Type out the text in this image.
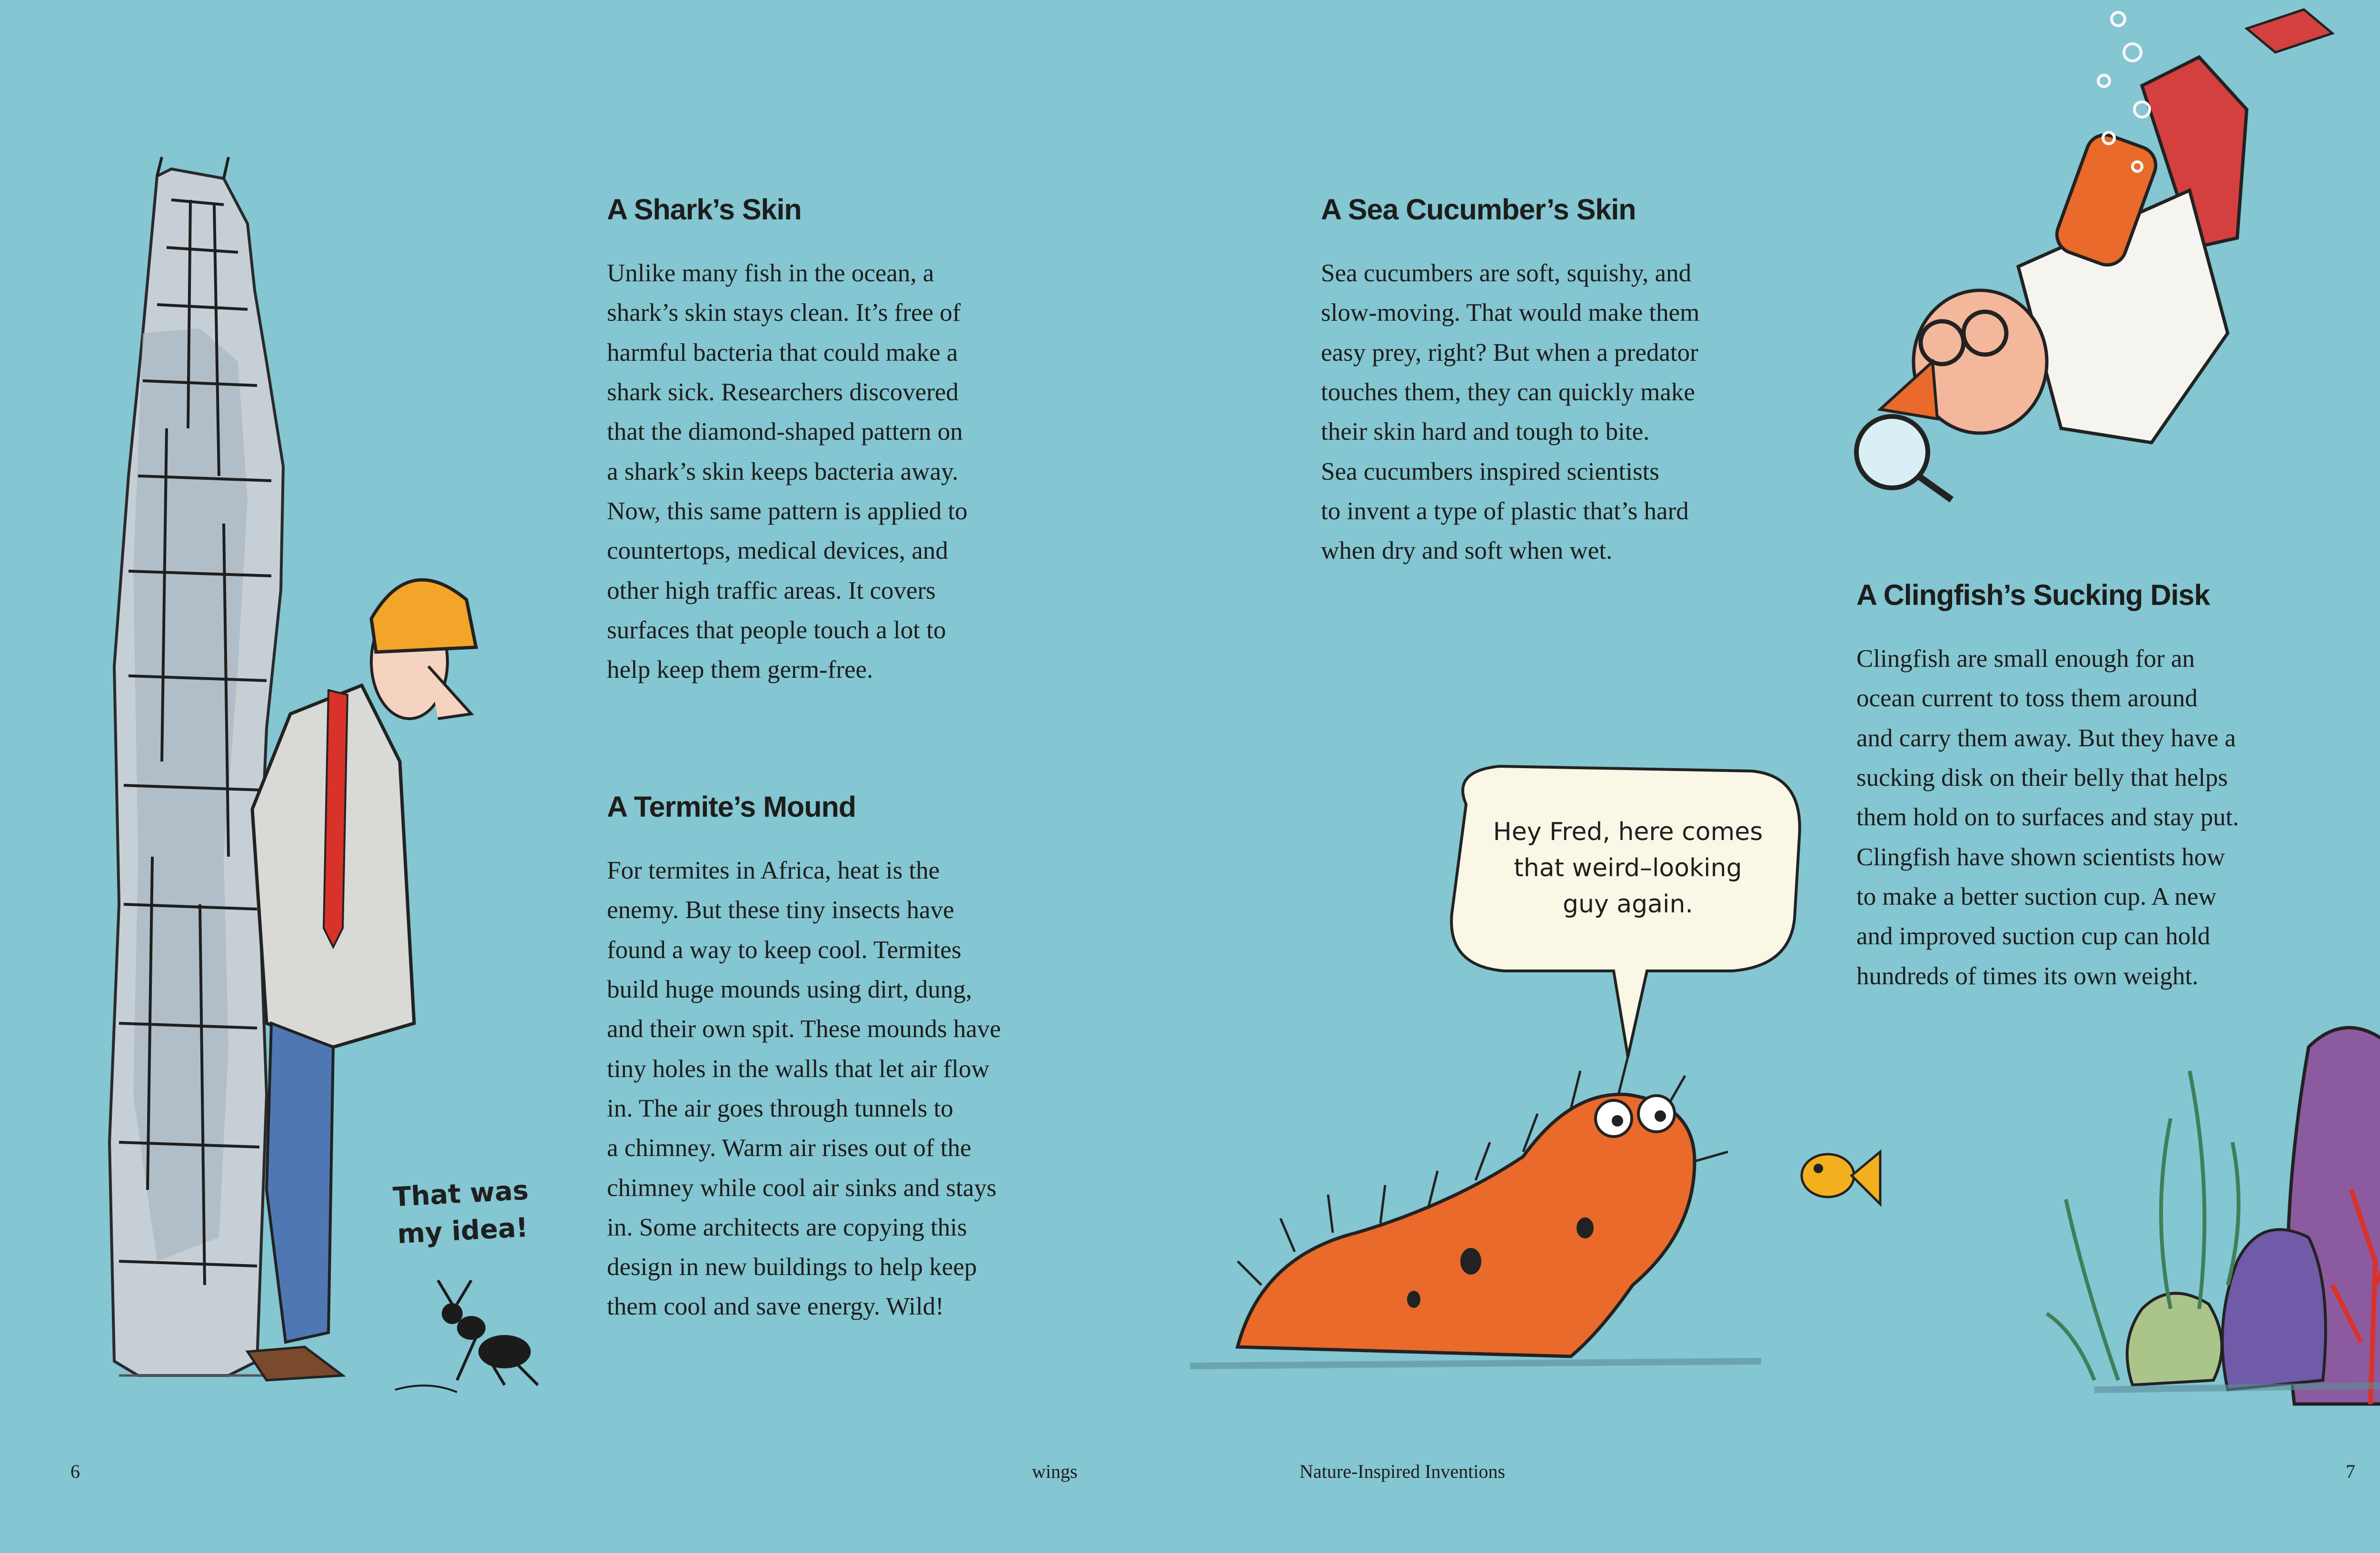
A Shark’s Skin

Unlike many fish in the ocean, a
shark’s skin stays clean. It’s free of
harmful bacteria that could make a
shark sick. Researchers discovered
that the diamond-shaped pattern on
a shark’s skin keeps bacteria away.
Now, this same pattern is applied to
countertops, medical devices, and
other high traffic areas. It covers
surfaces that people touch a lot to
help keep them germ-free.

A Termite’s Mound

For termites in Africa, heat is the
enemy. But these tiny insects have
found a way to keep cool. Termites
build huge mounds using dirt, dung,
and their own spit. These mounds have
tiny holes in the walls that let air flow
in. The air goes through tunnels to
a chimney. Warm air rises out of the
chimney while cool air sinks and stays
in. Some architects are copying this
design in new buildings to help keep
them cool and save energy. Wild!

A Sea Cucumber’s Skin

Sea cucumbers are soft, squishy, and
slow-moving. That would make them
easy prey, right? But when a predator
touches them, they can quickly make
their skin hard and tough to bite.
Sea cucumbers inspired scientists
to invent a type of plastic that’s hard
when dry and soft when wet.

A Clingfish’s Sucking Disk

Clingfish are small enough for an
ocean current to toss them around
and carry them away. But they have a
sucking disk on their belly that helps
them hold on to surfaces and stay put.
Clingfish have shown scientists how
to make a better suction cup. A new
and improved suction cup can hold
hundreds of times its own weight.

Hey Fred, here comes
that weird–looking
guy again.
That was
my idea!
6	wings	Nature-Inspired Inventions	7
